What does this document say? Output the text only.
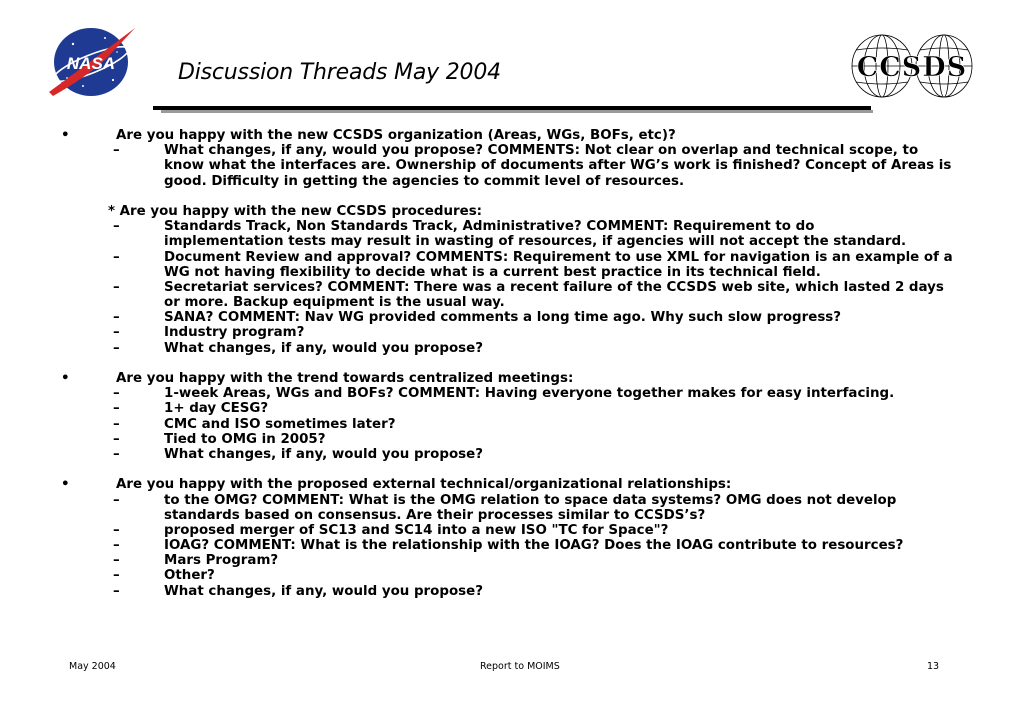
NASA	CCSDS
Discussion Threads May 2004
•	Are you happy with the new CCSDS organization (Areas, WGs, BOFs, etc)?
–	What changes, if any, would you propose? COMMENTS: Not clear on overlap and technical scope, to
know what the interfaces are. Ownership of documents after WG’s work is finished? Concept of Areas is
good. Difficulty in getting the agencies to commit level of resources.
* Are you happy with the new CCSDS procedures:
–	Standards Track, Non Standards Track, Administrative? COMMENT: Requirement to do
implementation tests may result in wasting of resources, if agencies will not accept the standard.
–	Document Review and approval? COMMENTS: Requirement to use XML for navigation is an example of a
WG not having flexibility to decide what is a current best practice in its technical field.
–	Secretariat services? COMMENT: There was a recent failure of the CCSDS web site, which lasted 2 days
or more. Backup equipment is the usual way.
–	SANA? COMMENT: Nav WG provided comments a long time ago. Why such slow progress?
–	Industry program?
–	What changes, if any, would you propose?
•	Are you happy with the trend towards centralized meetings:
–	1-week Areas, WGs and BOFs? COMMENT: Having everyone together makes for easy interfacing.
–	1+ day CESG?
–	CMC and ISO sometimes later?
–	Tied to OMG in 2005?
–	What changes, if any, would you propose?
•	Are you happy with the proposed external technical/organizational relationships:
–	to the OMG? COMMENT: What is the OMG relation to space data systems? OMG does not develop
standards based on consensus. Are their processes similar to CCSDS’s?
–	proposed merger of SC13 and SC14 into a new ISO "TC for Space"?
–	IOAG? COMMENT: What is the relationship with the IOAG? Does the IOAG contribute to resources?
–	Mars Program?
–	Other?
–	What changes, if any, would you propose?
May 2004	Report to MOIMS	13
